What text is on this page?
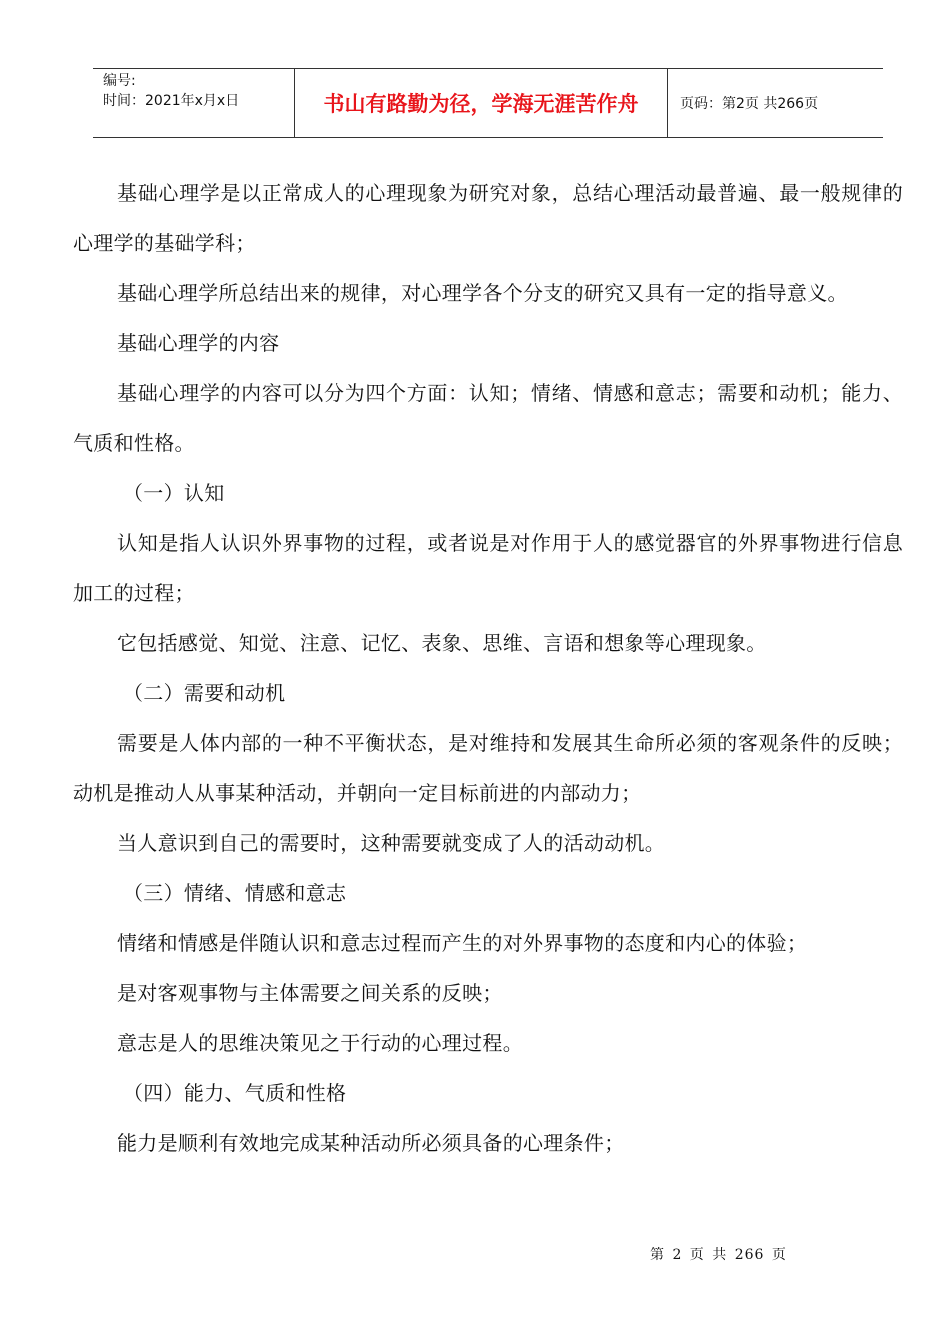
编号:
时间：2021年x月x日	书山有路勤为径，学海无涯苦作舟	页码：第2页 共266页

基础心理学是以正常成人的心理现象为研究对象，总结心理活动最普遍、最一般规律的心理学的基础学科；

基础心理学所总结出来的规律，对心理学各个分支的研究又具有一定的指导意义。

基础心理学的内容

基础心理学的内容可以分为四个方面：认知；情绪、情感和意志；需要和动机；能力、气质和性格。

（一）认知

认知是指人认识外界事物的过程，或者说是对作用于人的感觉器官的外界事物进行信息加工的过程；

它包括感觉、知觉、注意、记忆、表象、思维、言语和想象等心理现象。

（二）需要和动机

需要是人体内部的一种不平衡状态，是对维持和发展其生命所必须的客观条件的反映；动机是推动人从事某种活动，并朝向一定目标前进的内部动力；

当人意识到自己的需要时，这种需要就变成了人的活动动机。

（三）情绪、情感和意志

情绪和情感是伴随认识和意志过程而产生的对外界事物的态度和内心的体验；

是对客观事物与主体需要之间关系的反映；

意志是人的思维决策见之于行动的心理过程。

（四）能力、气质和性格

能力是顺利有效地完成某种活动所必须具备的心理条件；

第 2 页 共 266 页
